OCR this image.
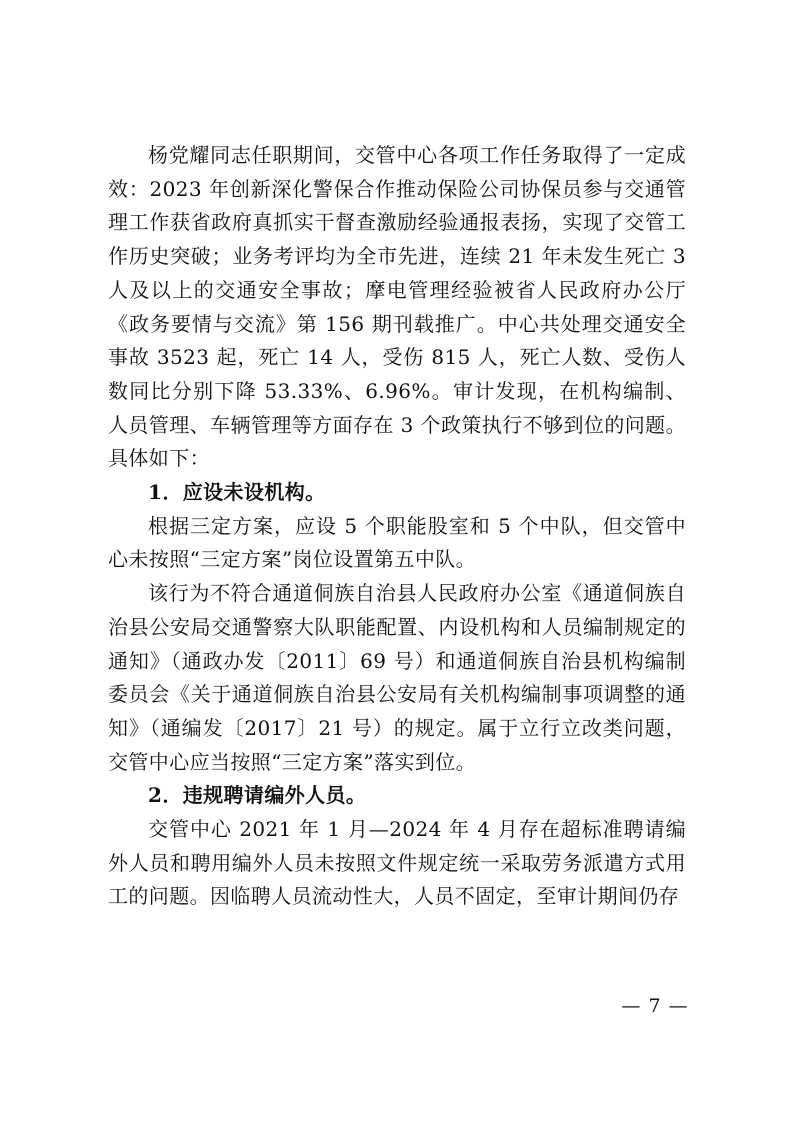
杨党耀同志任职期间，交管中心各项工作任务取得了一定成效：2023 年创新深化警保合作推动保险公司协保员参与交通管理工作获省政府真抓实干督查激励经验通报表扬，实现了交管工作历史突破；业务考评均为全市先进，连续 21 年未发生死亡 3 人及以上的交通安全事故；摩电管理经验被省人民政府办公厅《政务要情与交流》第 156 期刊载推广。中心共处理交通安全事故 3523 起，死亡 14 人，受伤 815 人，死亡人数、受伤人数同比分别下降 53.33%、6.96%。审计发现，在机构编制、人员管理、车辆管理等方面存在 3 个政策执行不够到位的问题。具体如下：

1．应设未设机构。

根据三定方案，应设 5 个职能股室和 5 个中队，但交管中心未按照“三定方案”岗位设置第五中队。

该行为不符合通道侗族自治县人民政府办公室《通道侗族自治县公安局交通警察大队职能配置、内设机构和人员编制规定的通知》（通政办发〔2011〕69 号）和通道侗族自治县机构编制委员会《关于通道侗族自治县公安局有关机构编制事项调整的通知》（通编发〔2017〕21 号）的规定。属于立行立改类问题，交管中心应当按照“三定方案”落实到位。

2．违规聘请编外人员。

交管中心 2021 年 1 月—2024 年 4 月存在超标准聘请编外人员和聘用编外人员未按照文件规定统一采取劳务派遣方式用工的问题。因临聘人员流动性大，人员不固定，至审计期间仍存

— 7 —
